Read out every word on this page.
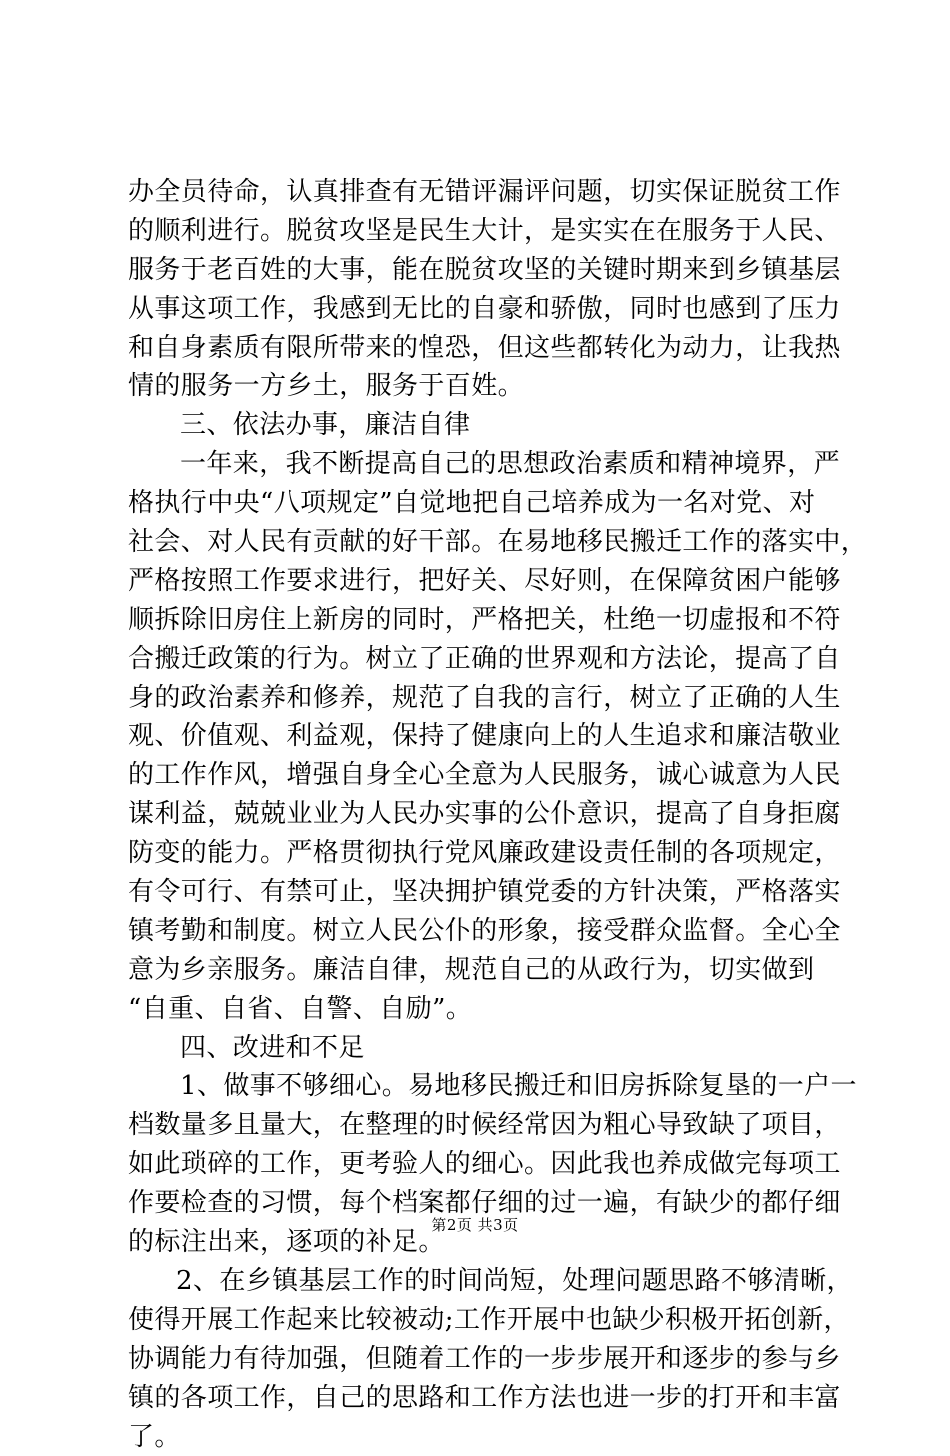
办全员待命，认真排查有无错评漏评问题，切实保证脱贫工作
的顺利进行。脱贫攻坚是民生大计，是实实在在服务于人民、
服务于老百姓的大事，能在脱贫攻坚的关键时期来到乡镇基层
从事这项工作，我感到无比的自豪和骄傲，同时也感到了压力
和自身素质有限所带来的惶恐，但这些都转化为动力，让我热
情的服务一方乡土，服务于百姓。
三、依法办事，廉洁自律
一年来，我不断提高自己的思想政治素质和精神境界，严
格执行中央“八项规定”自觉地把自己培养成为一名对党、对
社会、对人民有贡献的好干部。在易地移民搬迁工作的落实中，
严格按照工作要求进行，把好关、尽好则，在保障贫困户能够
顺拆除旧房住上新房的同时，严格把关，杜绝一切虚报和不符
合搬迁政策的行为。树立了正确的世界观和方法论，提高了自
身的政治素养和修养，规范了自我的言行，树立了正确的人生
观、价值观、利益观，保持了健康向上的人生追求和廉洁敬业
的工作作风，增强自身全心全意为人民服务，诚心诚意为人民
谋利益，兢兢业业为人民办实事的公仆意识，提高了自身拒腐
防变的能力。严格贯彻执行党风廉政建设责任制的各项规定，
有令可行、有禁可止，坚决拥护镇党委的方针决策，严格落实
镇考勤和制度。树立人民公仆的形象，接受群众监督。全心全
意为乡亲服务。廉洁自律，规范自己的从政行为，切实做到
“自重、自省、自警、自励”。
四、改进和不足
1、做事不够细心。易地移民搬迁和旧房拆除复垦的一户一
档数量多且量大，在整理的时候经常因为粗心导致缺了项目，
如此琐碎的工作，更考验人的细心。因此我也养成做完每项工
作要检查的习惯，每个档案都仔细的过一遍，有缺少的都仔细
的标注出来，逐项的补足。
2、在乡镇基层工作的时间尚短，处理问题思路不够清晰，
使得开展工作起来比较被动;工作开展中也缺少积极开拓创新，
协调能力有待加强，但随着工作的一步步展开和逐步的参与乡
镇的各项工作，自己的思路和工作方法也进一步的打开和丰富
了。
第2页 共3页
